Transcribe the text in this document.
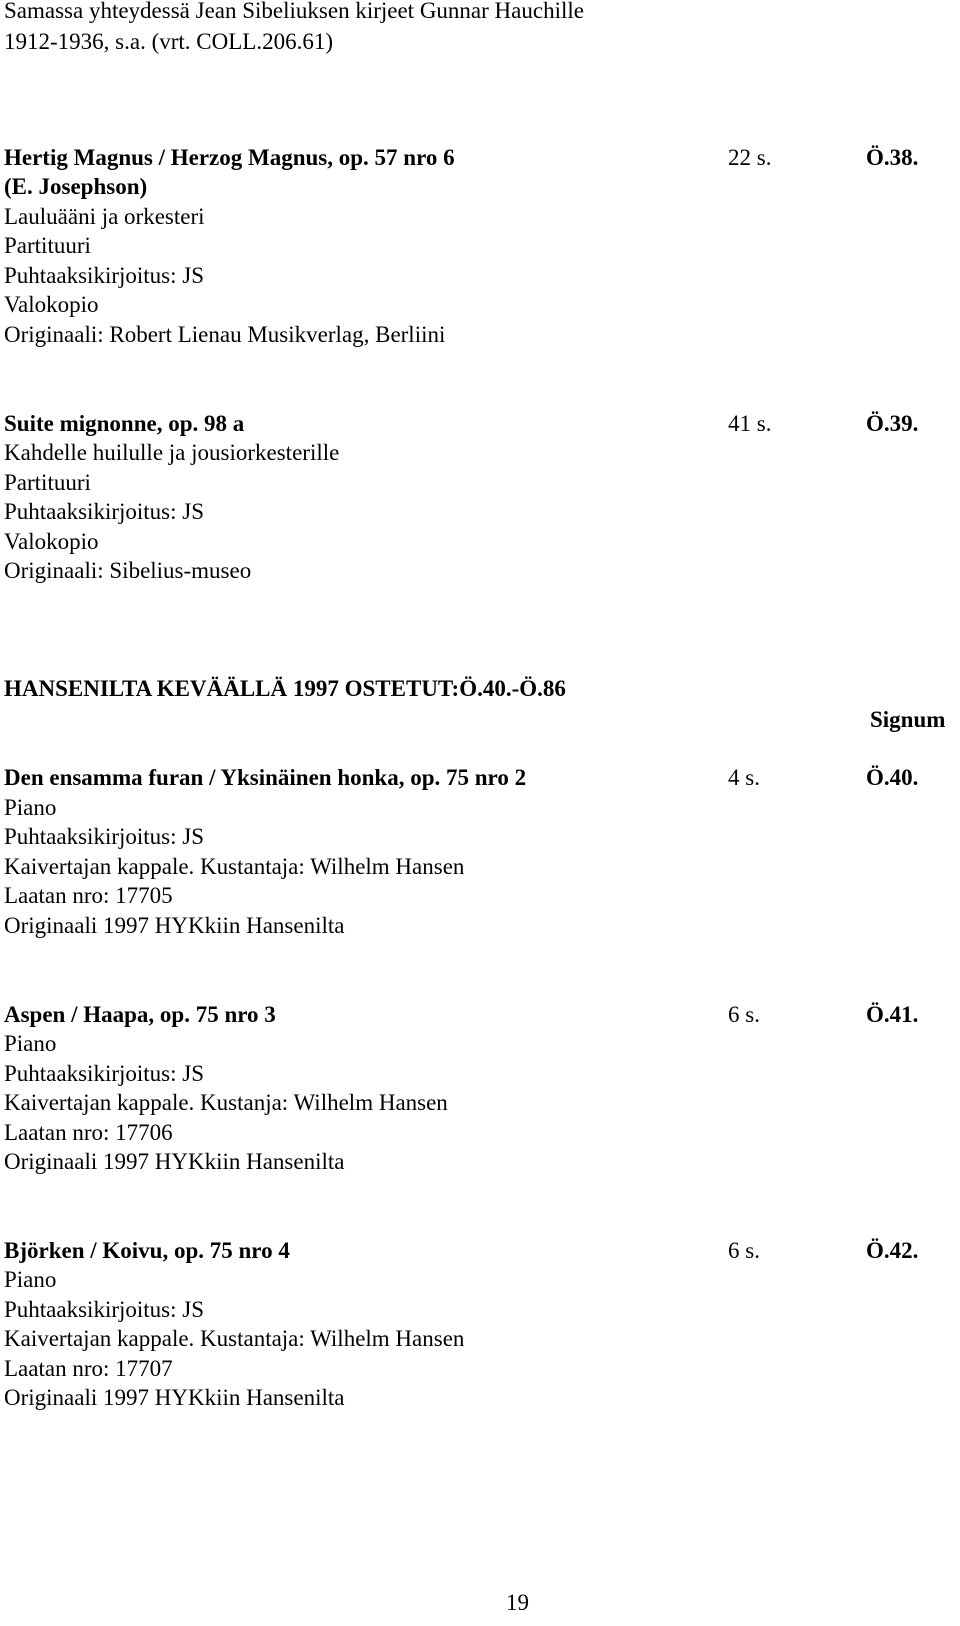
Samassa yhteydessä Jean Sibeliuksen kirjeet Gunnar Hauchille
1912-1936, s.a. (vrt. COLL.206.61)
Hertig Magnus / Herzog Magnus, op. 57 nro 6	22 s.	Ö.38.
(E. Josephson)
Lauluääni ja orkesteri
Partituuri
Puhtaaksikirjoitus: JS
Valokopio
Originaali: Robert Lienau Musikverlag, Berliini
Suite mignonne, op. 98 a	41 s.	Ö.39.
Kahdelle huilulle ja jousiorkesterille
Partituuri
Puhtaaksikirjoitus: JS
Valokopio
Originaali: Sibelius-museo
HANSENILTA KEVÄÄLLÄ 1997 OSTETUT:Ö.40.-Ö.86
Signum
Den ensamma furan / Yksinäinen honka, op. 75 nro 2	4 s.	Ö.40.
Piano
Puhtaaksikirjoitus: JS
Kaivertajan kappale. Kustantaja: Wilhelm Hansen
Laatan nro: 17705
Originaali 1997 HYKkiin Hansenilta
Aspen / Haapa, op. 75 nro 3	6 s.	Ö.41.
Piano
Puhtaaksikirjoitus: JS
Kaivertajan kappale. Kustanja: Wilhelm Hansen
Laatan nro: 17706
Originaali 1997 HYKkiin Hansenilta
Björken / Koivu, op. 75 nro 4	6 s.	Ö.42.
Piano
Puhtaaksikirjoitus: JS
Kaivertajan kappale. Kustantaja: Wilhelm Hansen
Laatan nro: 17707
Originaali 1997 HYKkiin Hansenilta
19
